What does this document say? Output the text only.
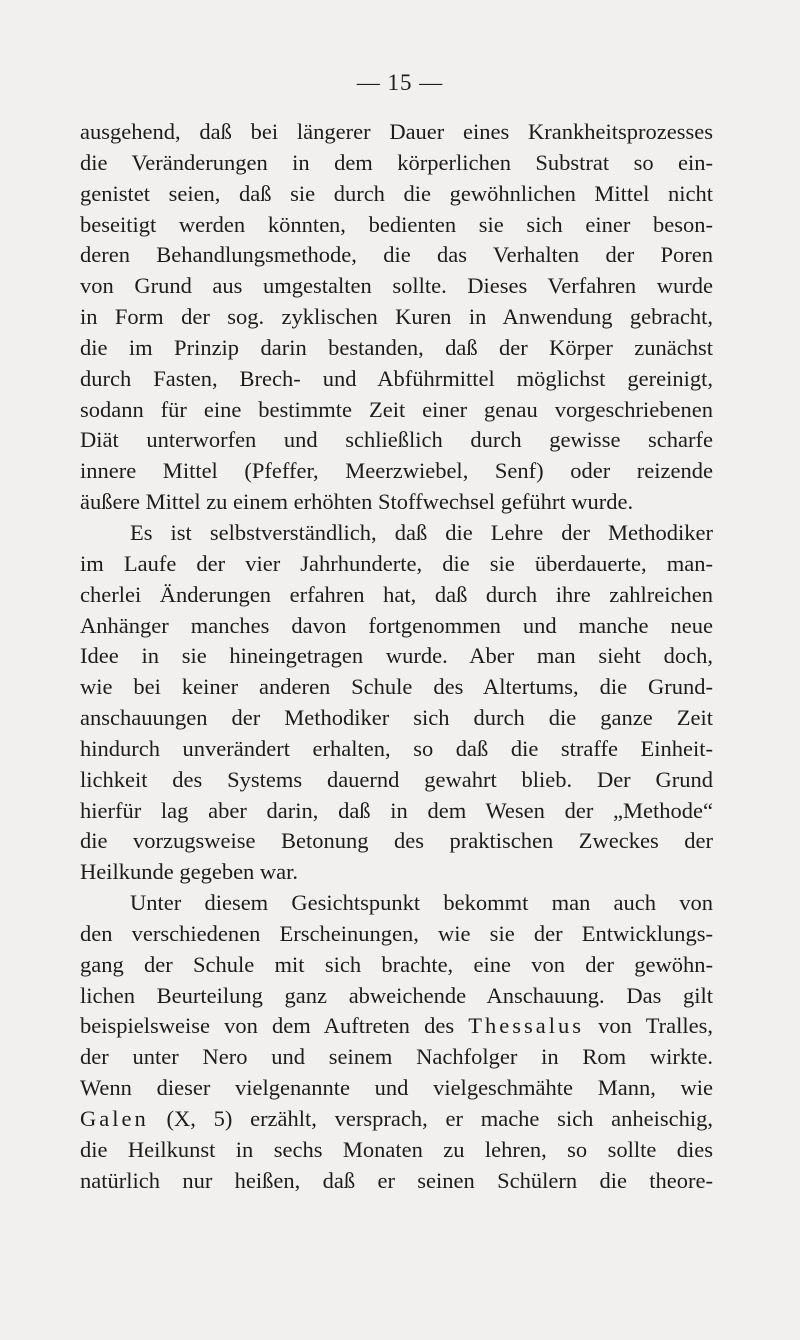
— 15 —
ausgehend, daß bei längerer Dauer eines Krankheitsprozesses
die Veränderungen in dem körperlichen Substrat so ein-
genistet seien, daß sie durch die gewöhnlichen Mittel nicht
beseitigt werden könnten, bedienten sie sich einer beson-
deren Behandlungsmethode, die das Verhalten der Poren
von Grund aus umgestalten sollte. Dieses Verfahren wurde
in Form der sog. zyklischen Kuren in Anwendung gebracht,
die im Prinzip darin bestanden, daß der Körper zunächst
durch Fasten, Brech- und Abführmittel möglichst gereinigt,
sodann für eine bestimmte Zeit einer genau vorgeschriebenen
Diät unterworfen und schließlich durch gewisse scharfe
innere Mittel (Pfeffer, Meerzwiebel, Senf) oder reizende
äußere Mittel zu einem erhöhten Stoffwechsel geführt wurde.
Es ist selbstverständlich, daß die Lehre der Methodiker
im Laufe der vier Jahrhunderte, die sie überdauerte, man-
cherlei Änderungen erfahren hat, daß durch ihre zahlreichen
Anhänger manches davon fortgenommen und manche neue
Idee in sie hineingetragen wurde. Aber man sieht doch,
wie bei keiner anderen Schule des Altertums, die Grund-
anschauungen der Methodiker sich durch die ganze Zeit
hindurch unverändert erhalten, so daß die straffe Einheit-
lichkeit des Systems dauernd gewahrt blieb. Der Grund
hierfür lag aber darin, daß in dem Wesen der „Methode“
die vorzugsweise Betonung des praktischen Zweckes der
Heilkunde gegeben war.
Unter diesem Gesichtspunkt bekommt man auch von
den verschiedenen Erscheinungen, wie sie der Entwicklungs-
gang der Schule mit sich brachte, eine von der gewöhn-
lichen Beurteilung ganz abweichende Anschauung. Das gilt
beispielsweise von dem Auftreten des Thessalus von Tralles,
der unter Nero und seinem Nachfolger in Rom wirkte.
Wenn dieser vielgenannte und vielgeschmähte Mann, wie
Galen (X, 5) erzählt, versprach, er mache sich anheischig,
die Heilkunst in sechs Monaten zu lehren, so sollte dies
natürlich nur heißen, daß er seinen Schülern die theore-
